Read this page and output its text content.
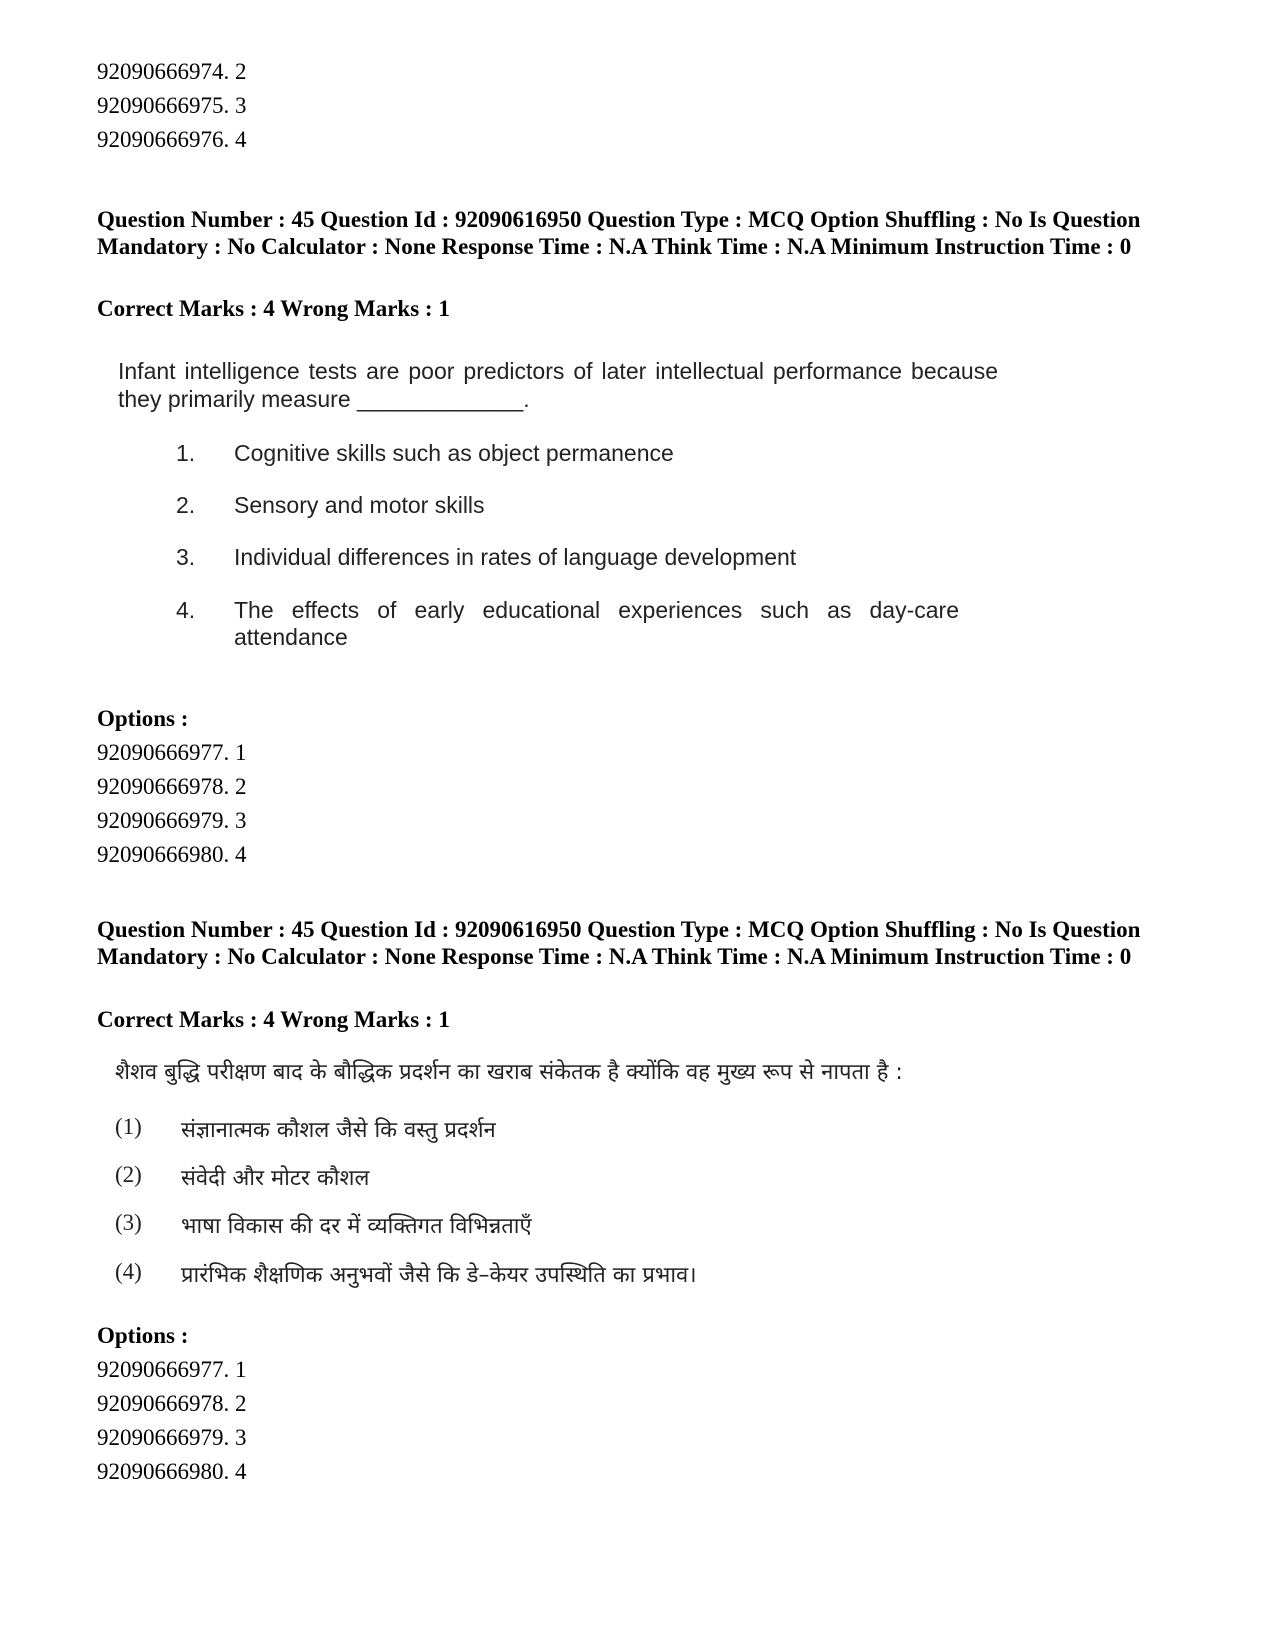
92090666974. 2
92090666975. 3
92090666976. 4
Question Number : 45 Question Id : 92090616950 Question Type : MCQ Option Shuffling : No Is Question Mandatory : No Calculator : None Response Time : N.A Think Time : N.A Minimum Instruction Time : 0
Correct Marks : 4 Wrong Marks : 1
Infant intelligence tests are poor predictors of later intellectual performance because they primarily measure _____________.
1.	Cognitive skills such as object permanence
2.	Sensory and motor skills
3.	Individual differences in rates of language development
4.	The effects of early educational experiences such as day-care attendance
Options :
92090666977. 1
92090666978. 2
92090666979. 3
92090666980. 4
Question Number : 45 Question Id : 92090616950 Question Type : MCQ Option Shuffling : No Is Question Mandatory : No Calculator : None Response Time : N.A Think Time : N.A Minimum Instruction Time : 0
Correct Marks : 4 Wrong Marks : 1
शैशव बुद्धि परीक्षण बाद के बौद्धिक प्रदर्शन का खराब संकेतक है क्योंकि वह मुख्य रूप से नापता है :
(1) संज्ञानात्मक कौशल जैसे कि वस्तु प्रदर्शन
(2) संवेदी और मोटर कौशल
(3) भाषा विकास की दर में व्यक्तिगत विभिन्नताएँ
(4) प्रारंभिक शैक्षणिक अनुभवों जैसे कि डे–केयर उपस्थिति का प्रभाव।
Options :
92090666977. 1
92090666978. 2
92090666979. 3
92090666980. 4
